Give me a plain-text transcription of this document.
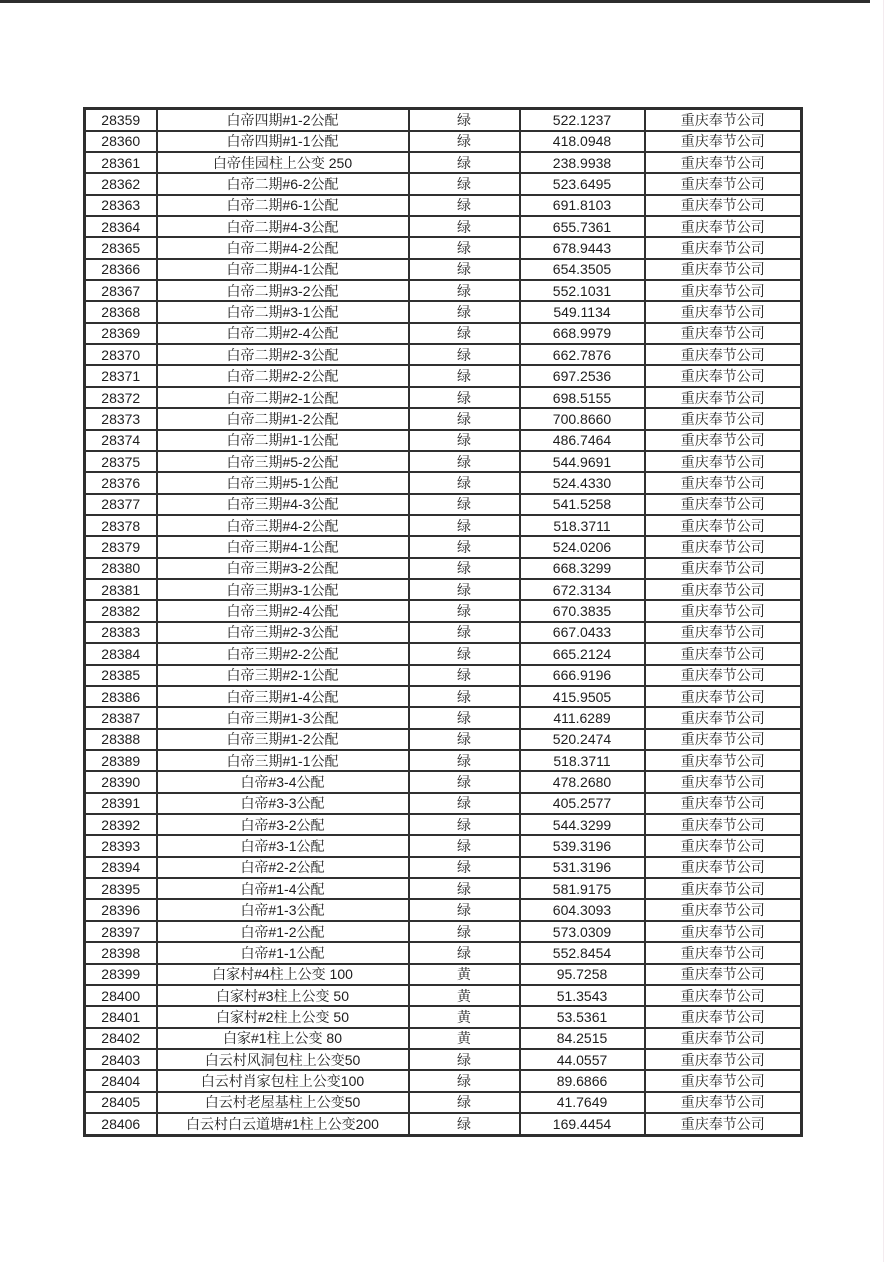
28359	白帝四期#1-2公配	绿	522.1237	重庆奉节公司
28360	白帝四期#1-1公配	绿	418.0948	重庆奉节公司
28361	白帝佳园柱上公变 250	绿	238.9938	重庆奉节公司
28362	白帝二期#6-2公配	绿	523.6495	重庆奉节公司
28363	白帝二期#6-1公配	绿	691.8103	重庆奉节公司
28364	白帝二期#4-3公配	绿	655.7361	重庆奉节公司
28365	白帝二期#4-2公配	绿	678.9443	重庆奉节公司
28366	白帝二期#4-1公配	绿	654.3505	重庆奉节公司
28367	白帝二期#3-2公配	绿	552.1031	重庆奉节公司
28368	白帝二期#3-1公配	绿	549.1134	重庆奉节公司
28369	白帝二期#2-4公配	绿	668.9979	重庆奉节公司
28370	白帝二期#2-3公配	绿	662.7876	重庆奉节公司
28371	白帝二期#2-2公配	绿	697.2536	重庆奉节公司
28372	白帝二期#2-1公配	绿	698.5155	重庆奉节公司
28373	白帝二期#1-2公配	绿	700.8660	重庆奉节公司
28374	白帝二期#1-1公配	绿	486.7464	重庆奉节公司
28375	白帝三期#5-2公配	绿	544.9691	重庆奉节公司
28376	白帝三期#5-1公配	绿	524.4330	重庆奉节公司
28377	白帝三期#4-3公配	绿	541.5258	重庆奉节公司
28378	白帝三期#4-2公配	绿	518.3711	重庆奉节公司
28379	白帝三期#4-1公配	绿	524.0206	重庆奉节公司
28380	白帝三期#3-2公配	绿	668.3299	重庆奉节公司
28381	白帝三期#3-1公配	绿	672.3134	重庆奉节公司
28382	白帝三期#2-4公配	绿	670.3835	重庆奉节公司
28383	白帝三期#2-3公配	绿	667.0433	重庆奉节公司
28384	白帝三期#2-2公配	绿	665.2124	重庆奉节公司
28385	白帝三期#2-1公配	绿	666.9196	重庆奉节公司
28386	白帝三期#1-4公配	绿	415.9505	重庆奉节公司
28387	白帝三期#1-3公配	绿	411.6289	重庆奉节公司
28388	白帝三期#1-2公配	绿	520.2474	重庆奉节公司
28389	白帝三期#1-1公配	绿	518.3711	重庆奉节公司
28390	白帝#3-4公配	绿	478.2680	重庆奉节公司
28391	白帝#3-3公配	绿	405.2577	重庆奉节公司
28392	白帝#3-2公配	绿	544.3299	重庆奉节公司
28393	白帝#3-1公配	绿	539.3196	重庆奉节公司
28394	白帝#2-2公配	绿	531.3196	重庆奉节公司
28395	白帝#1-4公配	绿	581.9175	重庆奉节公司
28396	白帝#1-3公配	绿	604.3093	重庆奉节公司
28397	白帝#1-2公配	绿	573.0309	重庆奉节公司
28398	白帝#1-1公配	绿	552.8454	重庆奉节公司
28399	白家村#4柱上公变 100	黄	95.7258	重庆奉节公司
28400	白家村#3柱上公变 50	黄	51.3543	重庆奉节公司
28401	白家村#2柱上公变 50	黄	53.5361	重庆奉节公司
28402	白家#1柱上公变 80	黄	84.2515	重庆奉节公司
28403	白云村风洞包柱上公变50	绿	44.0557	重庆奉节公司
28404	白云村肖家包柱上公变100	绿	89.6866	重庆奉节公司
28405	白云村老屋基柱上公变50	绿	41.7649	重庆奉节公司
28406	白云村白云道塘#1柱上公变200	绿	169.4454	重庆奉节公司
